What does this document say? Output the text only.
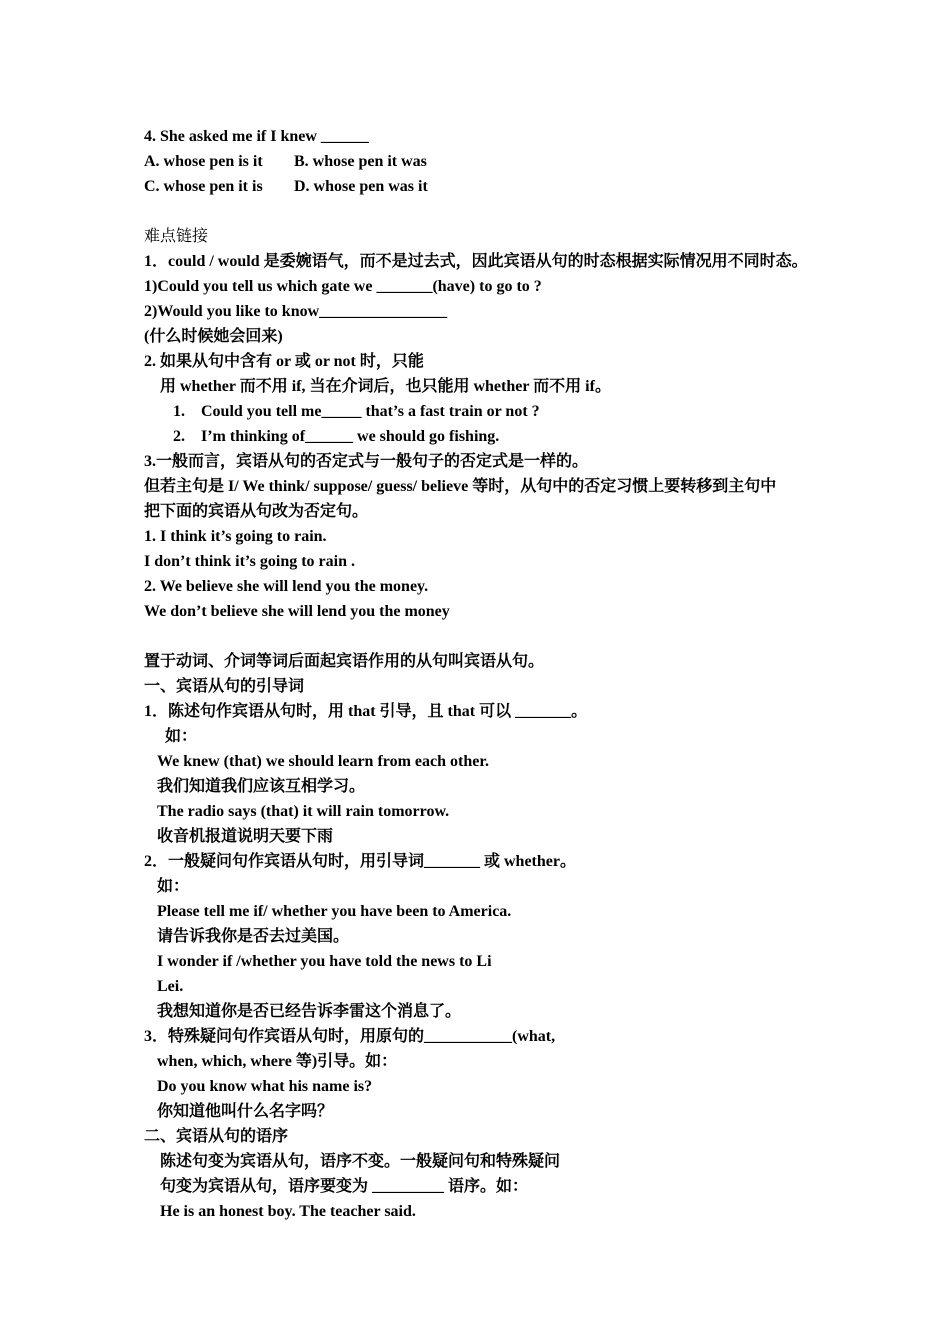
4. She asked me if I knew ______
A. whose pen is it B. whose pen it was
C. whose pen it is D. whose pen was it
难点链接
1．could / would 是委婉语气，而不是过去式，因此宾语从句的时态根据实际情况用不同时态。
1)Could you tell us which gate we _______(have) to go to ?
2)Would you like to know________________
(什么时候她会回来)
2. 如果从句中含有 or 或 or not 时，只能
用 whether 而不用 if, 当在介词后，也只能用 whether 而不用 if。
1. Could you tell me_____ that’s a fast train or not ?
2. I’m thinking of______ we should go fishing.
3.一般而言，宾语从句的否定式与一般句子的否定式是一样的。
但若主句是 I/ We think/ suppose/ guess/ believe 等时，从句中的否定习惯上要转移到主句中
把下面的宾语从句改为否定句。
1. I think it’s going to rain.
I don’t think it’s going to rain .
2. We believe she will lend you the money.
We don’t believe she will lend you the money
置于动词、介词等词后面起宾语作用的从句叫宾语从句。
一、宾语从句的引导词
1．陈述句作宾语从句时，用 that 引导，且 that 可以 _______。
如：
We knew (that) we should learn from each other.
我们知道我们应该互相学习。
The radio says (that) it will rain tomorrow.
收音机报道说明天要下雨
2．一般疑问句作宾语从句时，用引导词_______ 或 whether。
如：
Please tell me if/ whether you have been to America.
请告诉我你是否去过美国。
I wonder if /whether you have told the news to Li
Lei.
我想知道你是否已经告诉李雷这个消息了。
3．特殊疑问句作宾语从句时，用原句的___________(what,
when, which, where 等)引导。如：
Do you know what his name is?
你知道他叫什么名字吗？
二、宾语从句的语序
陈述句变为宾语从句，语序不变。一般疑问句和特殊疑问
句变为宾语从句，语序要变为 _________ 语序。如：
He is an honest boy. The teacher said.
